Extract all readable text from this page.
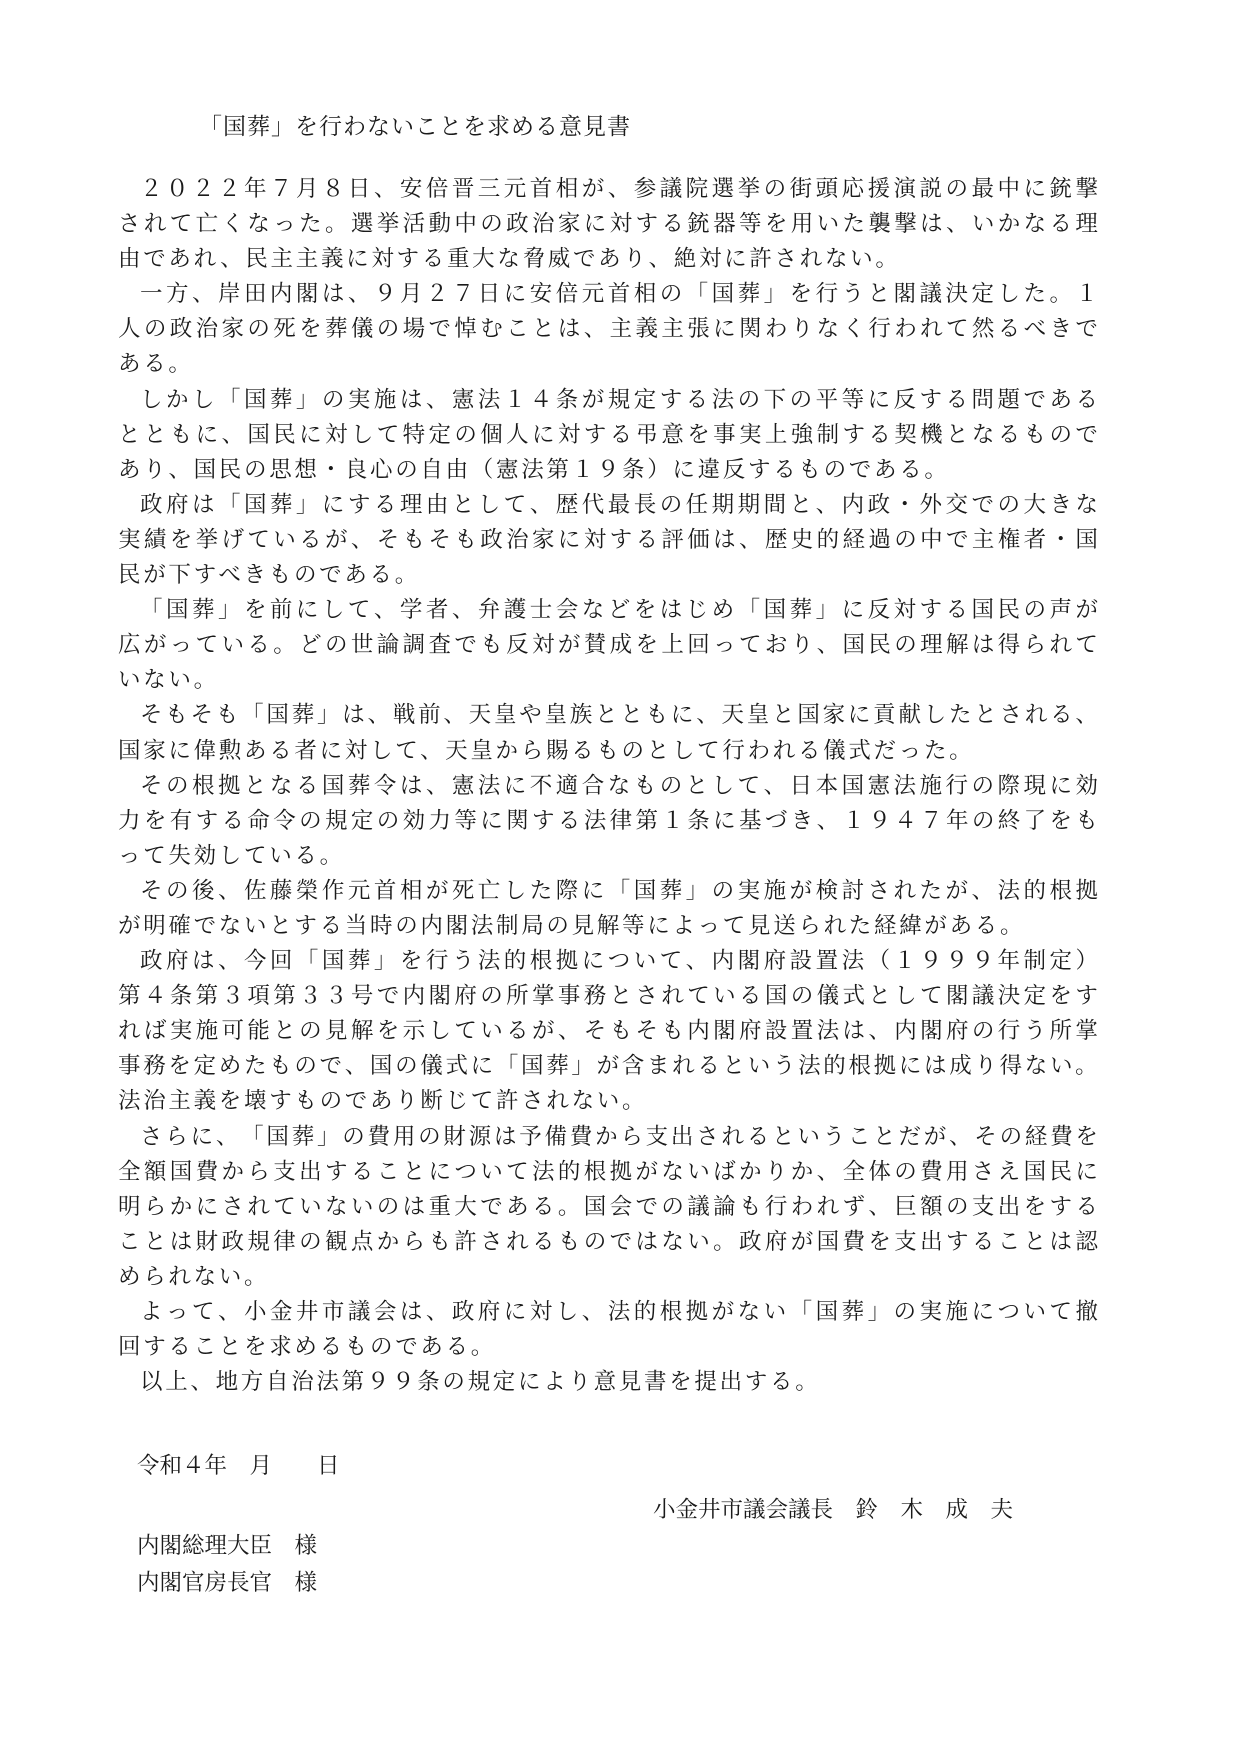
「国葬」を行わないことを求める意見書
２ ０ ２ ２ 年 ７ 月 ８ 日 、 安 倍 晋 三 元 首 相 が 、 参 議 院 選 挙 の 街 頭 応 援 演 説 の 最 中 に 銃 撃
さ れ て 亡 く な っ た 。 選 挙 活 動 中 の 政 治 家 に 対 す る 銃 器 等 を 用 い た 襲 撃 は 、 い か な る 理
由であれ、民主主義に対する重大な脅威であり、絶対に許されない。
一 方 、 岸 田 内 閣 は 、 ９ 月 ２ ７ 日 に 安 倍 元 首 相 の 「 国 葬 」 を 行 う と 閣 議 決 定 し た 。 １
人 の 政 治 家 の 死 を 葬 儀 の 場 で 悼 む こ と は 、 主 義 主 張 に 関 わ り な く 行 わ れ て 然 る べ き で
ある。
し か し 「 国 葬 」 の 実 施 は 、 憲 法 １ ４ 条 が 規 定 す る 法 の 下 の 平 等 に 反 す る 問 題 で あ る
と と も に 、 国 民 に 対 し て 特 定 の 個 人 に 対 す る 弔 意 を 事 実 上 強 制 す る 契 機 と な る も の で
あり、国民の思想・良心の自由（憲法第１９条）に違反するものである。
政 府 は 「 国 葬 」 に す る 理 由 と し て 、 歴 代 最 長 の 任 期 期 間 と 、 内 政 ・ 外 交 で の 大 き な
実 績 を 挙 げ て い る が 、 そ も そ も 政 治 家 に 対 す る 評 価 は 、 歴 史 的 経 過 の 中 で 主 権 者 ・ 国
民が下すべきものである。
「 国 葬 」 を 前 に し て 、 学 者 、 弁 護 士 会 な ど を は じ め 「 国 葬 」 に 反 対 す る 国 民 の 声 が
広 が っ て い る 。 ど の 世 論 調 査 で も 反 対 が 賛 成 を 上 回 っ て お り 、 国 民 の 理 解 は 得 ら れ て
いない。
そ も そ も 「 国 葬 」 は 、 戦 前 、 天 皇 や 皇 族 と と も に 、 天 皇 と 国 家 に 貢 献 し た と さ れ る 、
国家に偉勲ある者に対して、天皇から賜るものとして行われる儀式だった。
そ の 根 拠 と な る 国 葬 令 は 、 憲 法 に 不 適 合 な も の と し て 、 日 本 国 憲 法 施 行 の 際 現 に 効
力 を 有 す る 命 令 の 規 定 の 効 力 等 に 関 す る 法 律 第 １ 条 に 基 づ き 、 １ ９ ４ ７ 年 の 終 了 を も
って失効している。
そ の 後 、 佐 藤 榮 作 元 首 相 が 死 亡 し た 際 に 「 国 葬 」 の 実 施 が 検 討 さ れ た が 、 法 的 根 拠
が明確でないとする当時の内閣法制局の見解等によって見送られた経緯がある。
政 府 は 、 今 回 「 国 葬 」 を 行 う 法 的 根 拠 に つ い て 、 内 閣 府 設 置 法 （ １ ９ ９ ９ 年 制 定 ）
第 ４ 条 第 ３ 項 第 ３ ３ 号 で 内 閣 府 の 所 掌 事 務 と さ れ て い る 国 の 儀 式 と し て 閣 議 決 定 を す
れ ば 実 施 可 能 と の 見 解 を 示 し て い る が 、 そ も そ も 内 閣 府 設 置 法 は 、 内 閣 府 の 行 う 所 掌
事 務 を 定 め た も の で 、 国 の 儀 式 に 「 国 葬 」 が 含 ま れ る と い う 法 的 根 拠 に は 成 り 得 な い 。
法治主義を壊すものであり断じて許されない。
さ ら に 、 「 国 葬 」 の 費 用 の 財 源 は 予 備 費 か ら 支 出 さ れ る と い う こ と だ が 、 そ の 経 費 を
全 額 国 費 か ら 支 出 す る こ と に つ い て 法 的 根 拠 が な い ば か り か 、 全 体 の 費 用 さ え 国 民 に
明 ら か に さ れ て い な い の は 重 大 で あ る 。 国 会 で の 議 論 も 行 わ れ ず 、 巨 額 の 支 出 を す る
こ と は 財 政 規 律 の 観 点 か ら も 許 さ れ る も の で は な い 。 政 府 が 国 費 を 支 出 す る こ と は 認
められない。
よ っ て 、 小 金 井 市 議 会 は 、 政 府 に 対 し 、 法 的 根 拠 が な い 「 国 葬 」 の 実 施 に つ い て 撤
回することを求めるものである。
以上、地方自治法第９９条の規定により意見書を提出する。
令和４年　月　　日
小金井市議会議長　鈴　木　成　夫
内閣総理大臣　様
内閣官房長官　様
